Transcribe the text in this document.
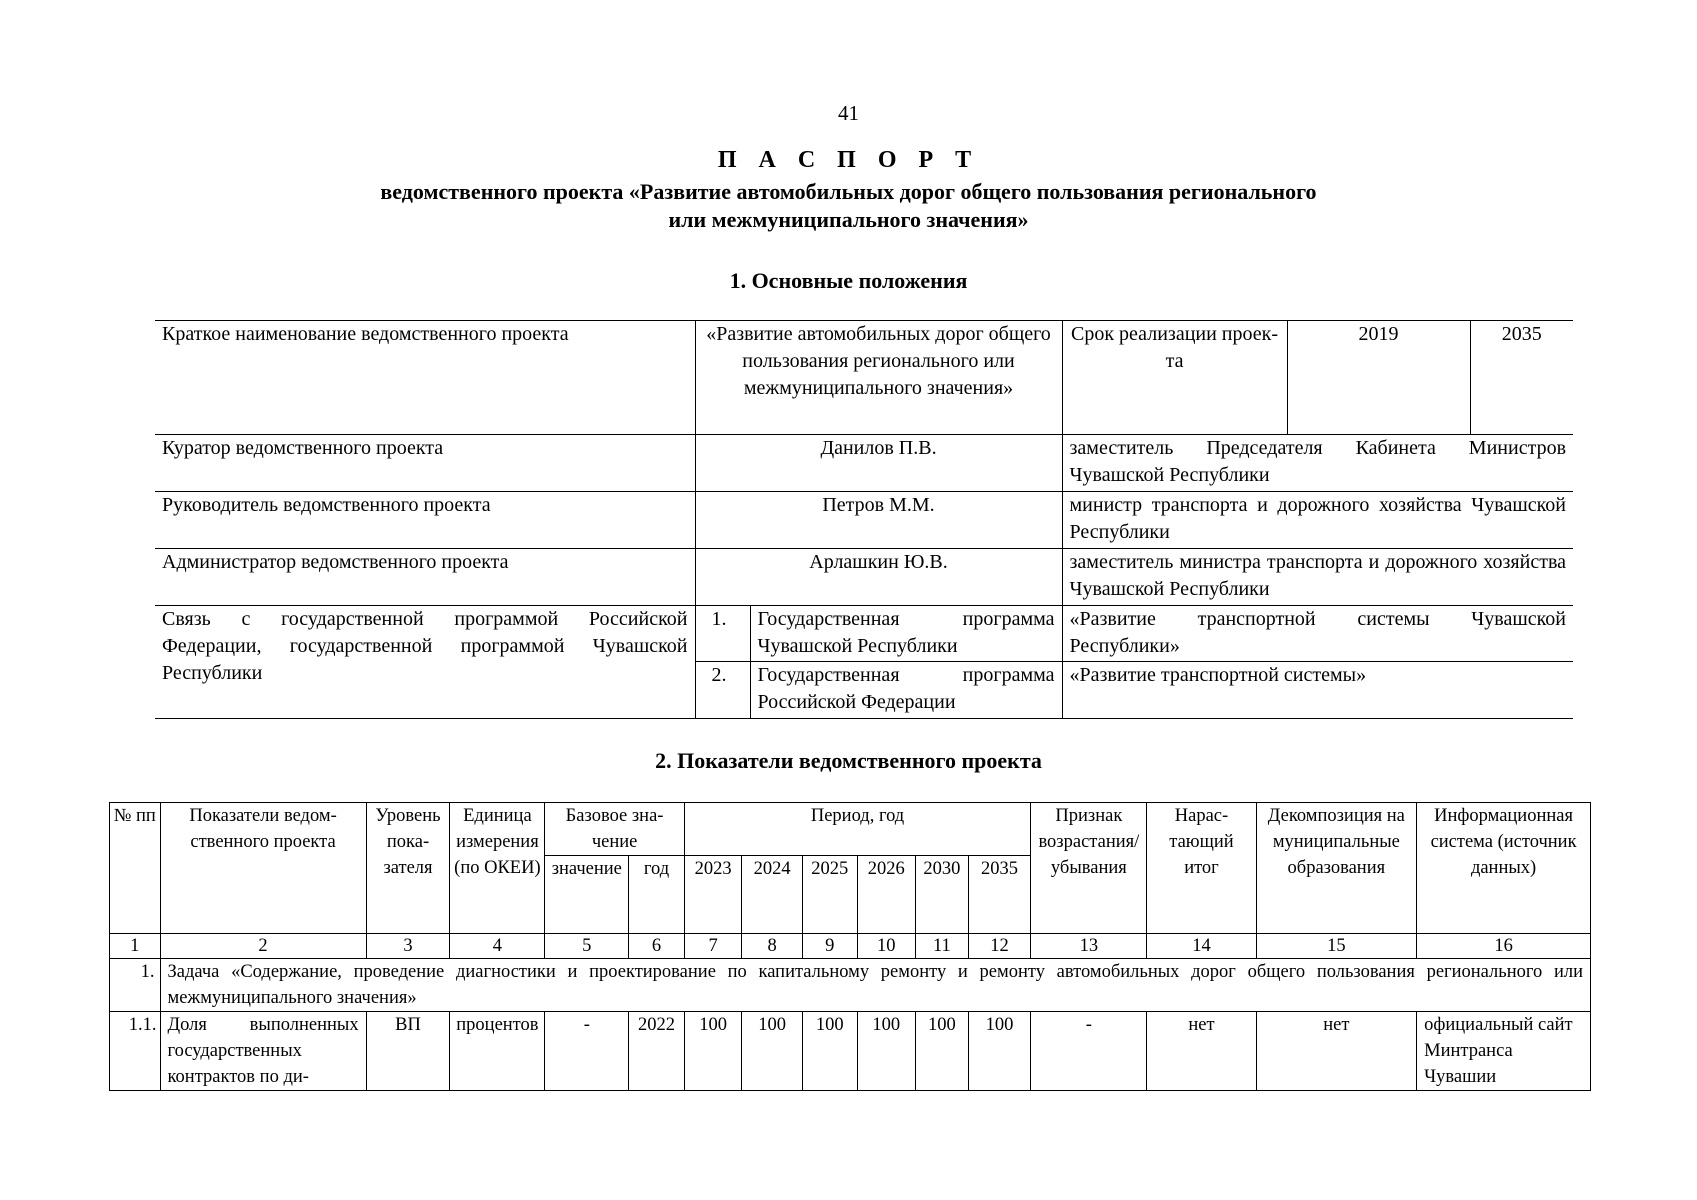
41
П А С П О Р Т
ведомственного проекта «Развитие автомобильных дорог общего пользования регионального
или межмуниципального значения»
1. Основные положения
Краткое наименование ведомственного проекта	«Развитие автомобильных дорог общего пользования регионального или межмуниципального значения»		Срок реализации проекта	2019	2035
Куратор ведомственного проекта	Данилов П.В.		заместитель Председателя Кабинета Министров Чувашской Республики		
Руководитель ведомственного проекта	Петров М.М.		министр транспорта и дорожного хозяйства Чувашской Республики		
Администратор ведомственного проекта	Арлашкин Ю.В.		заместитель министра транспорта и дорожного хозяйства Чувашской Республики		
Связь с государственной программой Российской Федерации, государственной программой Чувашской Республики	1.	Государственная программа Чувашской Республики	«Развитие транспортной системы Чувашской Республики»		
	2.	Государственная программа Российской Федерации	«Развитие транспортной системы»		
2. Показатели ведомственного проекта
№ пп	Показатели ведомственного проекта	Уровень показателя	Единица измерения (по ОКЕИ)	Базовое значение		Период, год						Признак возрастания/ убывания	Нарастающий итог	Декомпозиция на муниципальные образования	Информационная система (источник данных)
				значение	год	2023	2024	2025	2026	2030	2035				
1	2	3	4	5	6	7	8	9	10	11	12	13	14	15	16
1.	Задача «Содержание, проведение диагностики и проектирование по капитальному ремонту и ремонту автомобильных дорог общего пользования регионального или межмуниципального значения»														
1.1.	Доля выполненных государственных контрактов по ди-	ВП	процентов	-	2022	100	100	100	100	100	100	-	нет	нет	официальный сайт Минтранса Чувашии
